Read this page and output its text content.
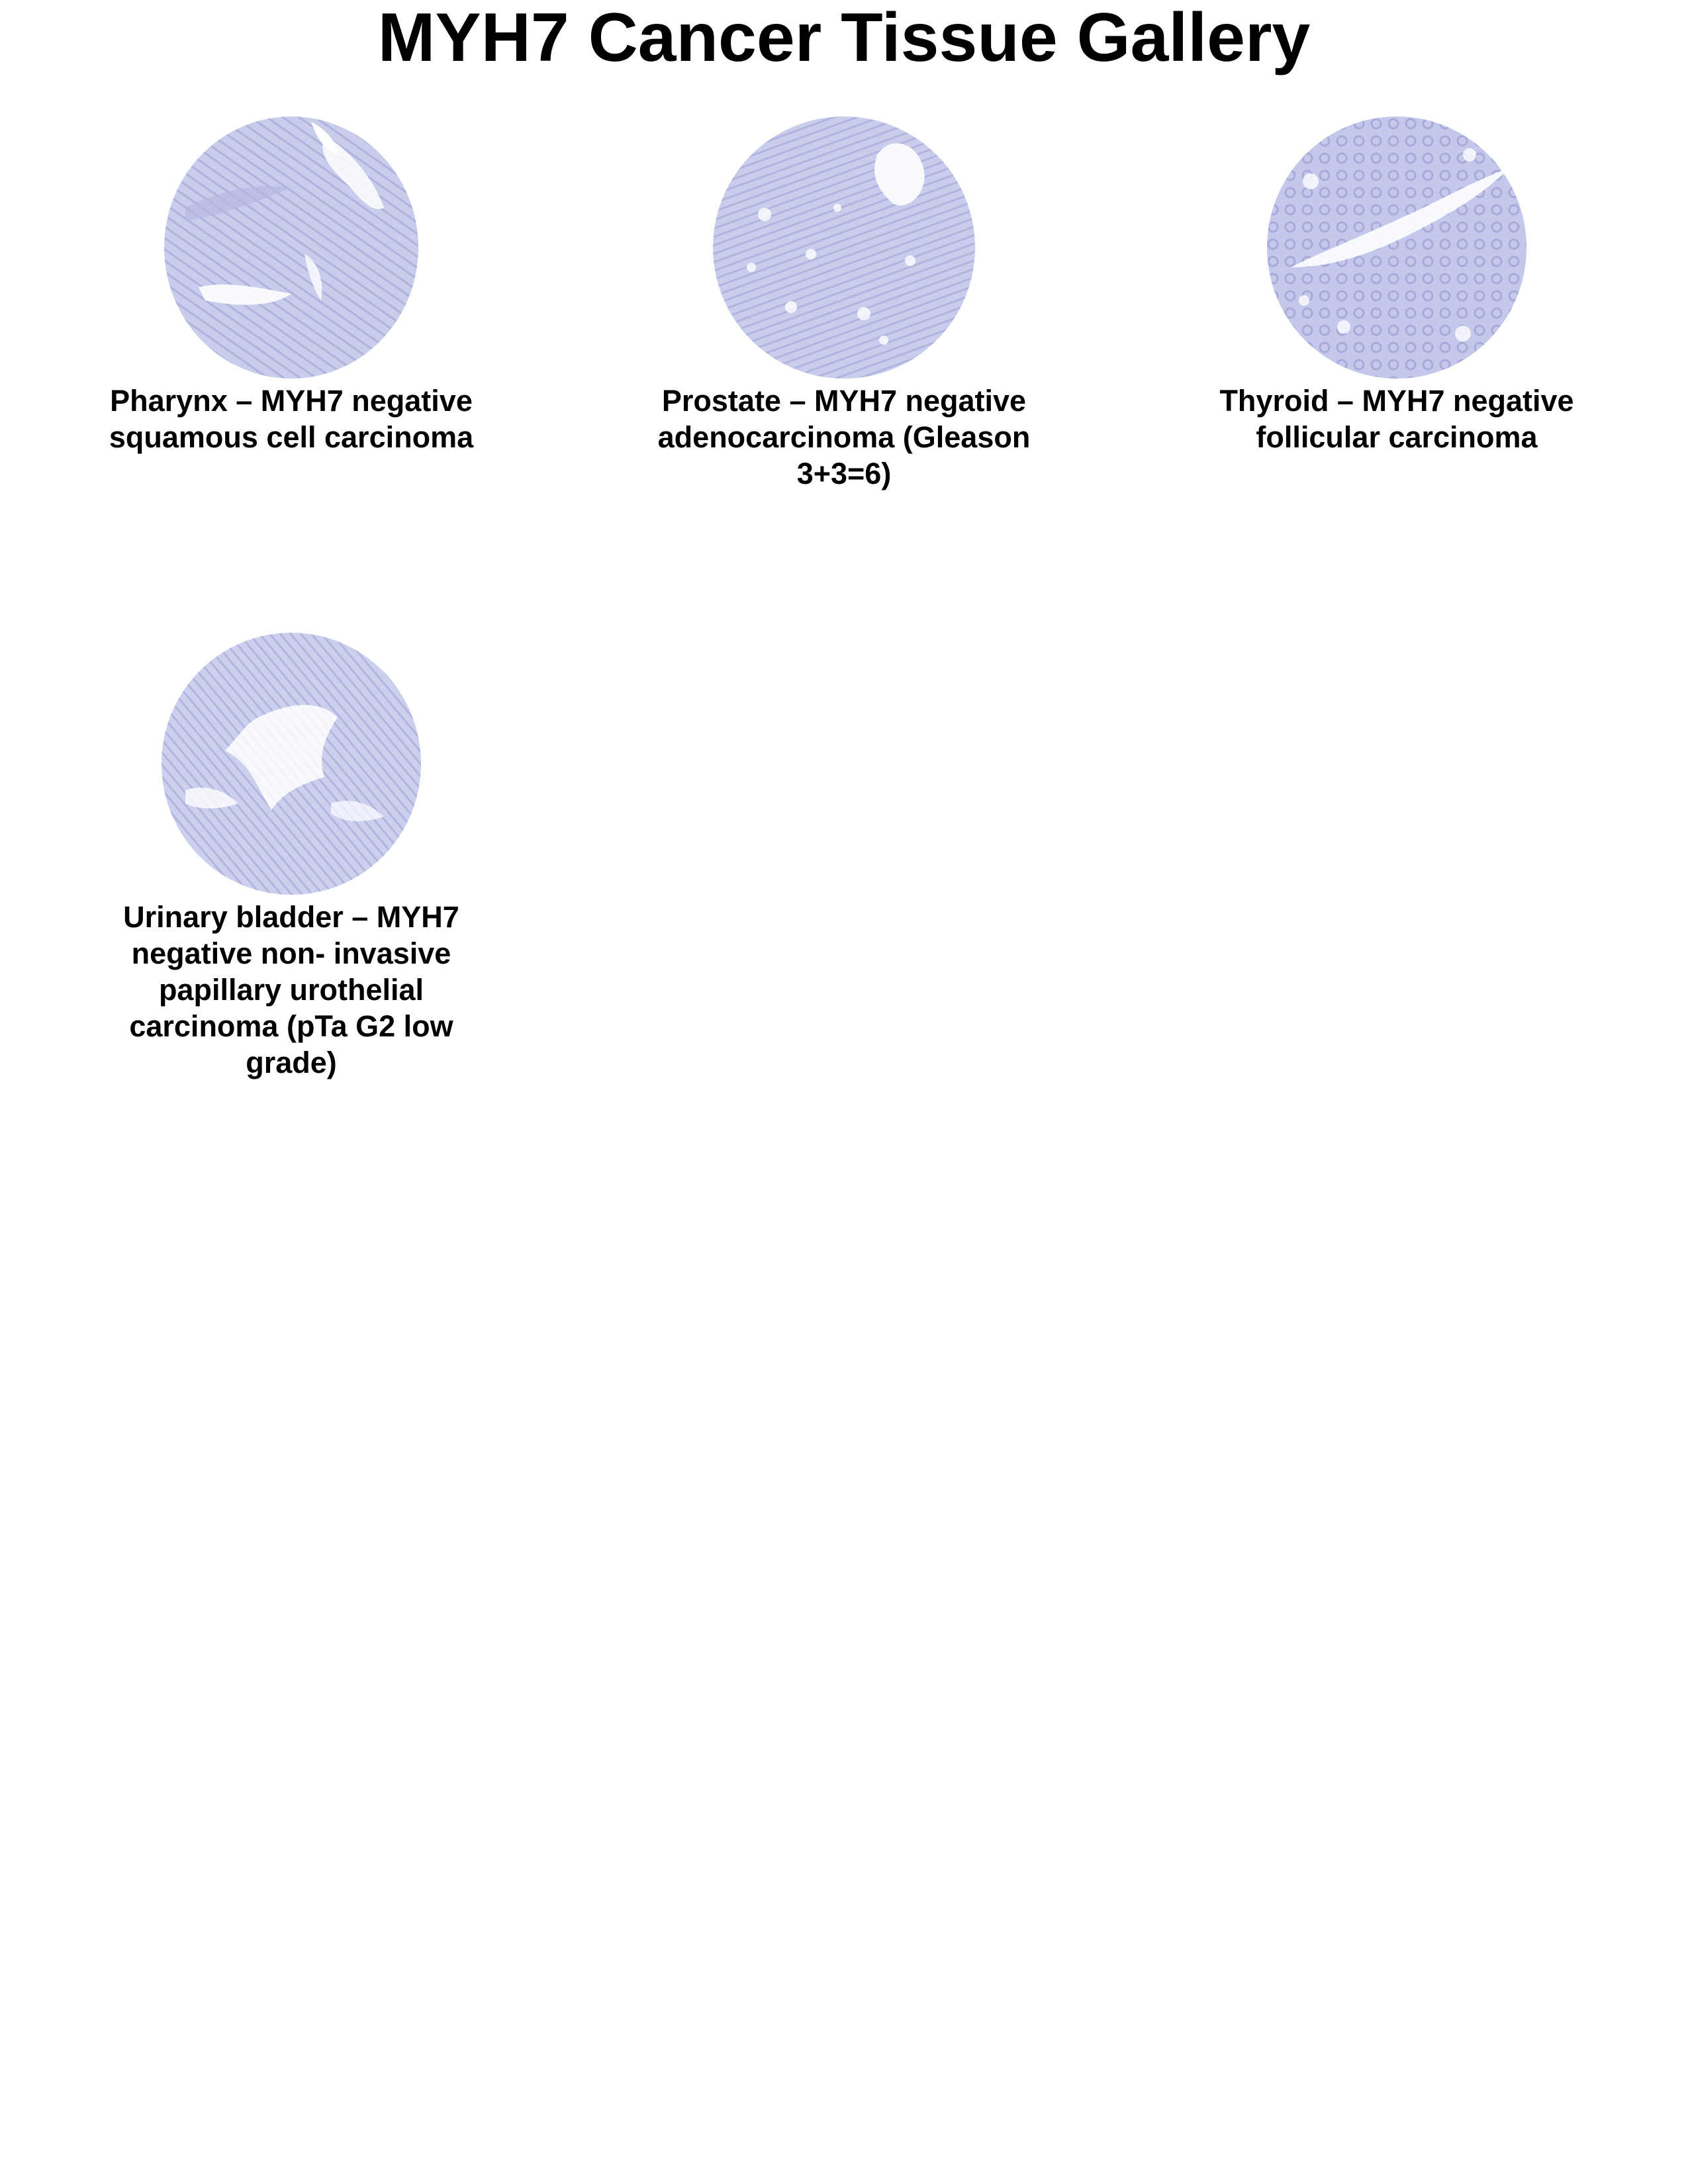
MYH7 Cancer Tissue Gallery
Pharynx – MYH7 negative squamous cell carcinoma
Prostate – MYH7 negative adenocarcinoma (Gleason 3+3=6)
Thyroid – MYH7 negative follicular carcinoma
Urinary bladder – MYH7 negative non- invasive papillary urothelial carcinoma (pTa G2 low grade)
